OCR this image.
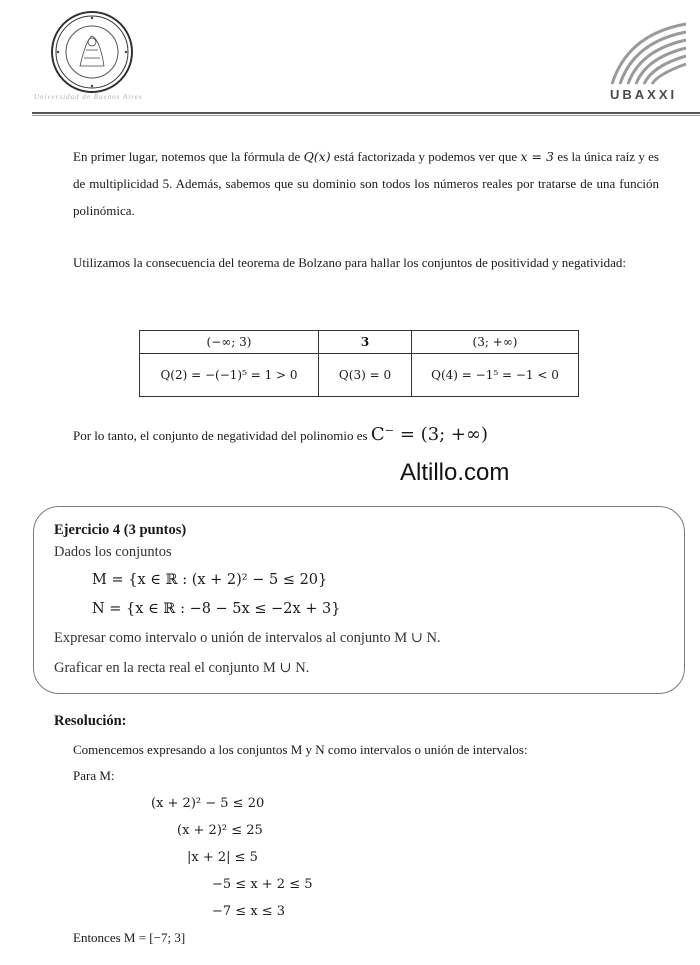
Universidad de Buenos Aires	UBAXXI
En primer lugar, notemos que la fórmula de Q(x) está factorizada y podemos ver que x = 3 es la única raíz y es de multiplicidad 5. Además, sabemos que su dominio son todos los números reales por tratarse de una función polinómica.
Utilizamos la consecuencia del teorema de Bolzano para hallar los conjuntos de positividad y negatividad:
(−∞; 3)	3	(3; +∞)
Q(2) = −(−1)⁵ = 1 > 0	Q(3) = 0	Q(4) = −1⁵ = −1 < 0
Por lo tanto, el conjunto de negatividad del polinomio es C⁻ = (3; +∞)
Altillo.com
Ejercicio 4 (3 puntos)
Dados los conjuntos
M = {x ∈ ℝ : (x + 2)² − 5 ≤ 20}
N = {x ∈ ℝ : −8 − 5x ≤ −2x + 3}
Expresar como intervalo o unión de intervalos al conjunto M ∪ N.
Graficar en la recta real el conjunto M ∪ N.
Resolución:
Comencemos expresando a los conjuntos M y N como intervalos o unión de intervalos:
Para M:
(x + 2)² − 5 ≤ 20
(x + 2)² ≤ 25
|x + 2| ≤ 5
−5 ≤ x + 2 ≤ 5
−7 ≤ x ≤ 3
Entonces M = [−7; 3]
